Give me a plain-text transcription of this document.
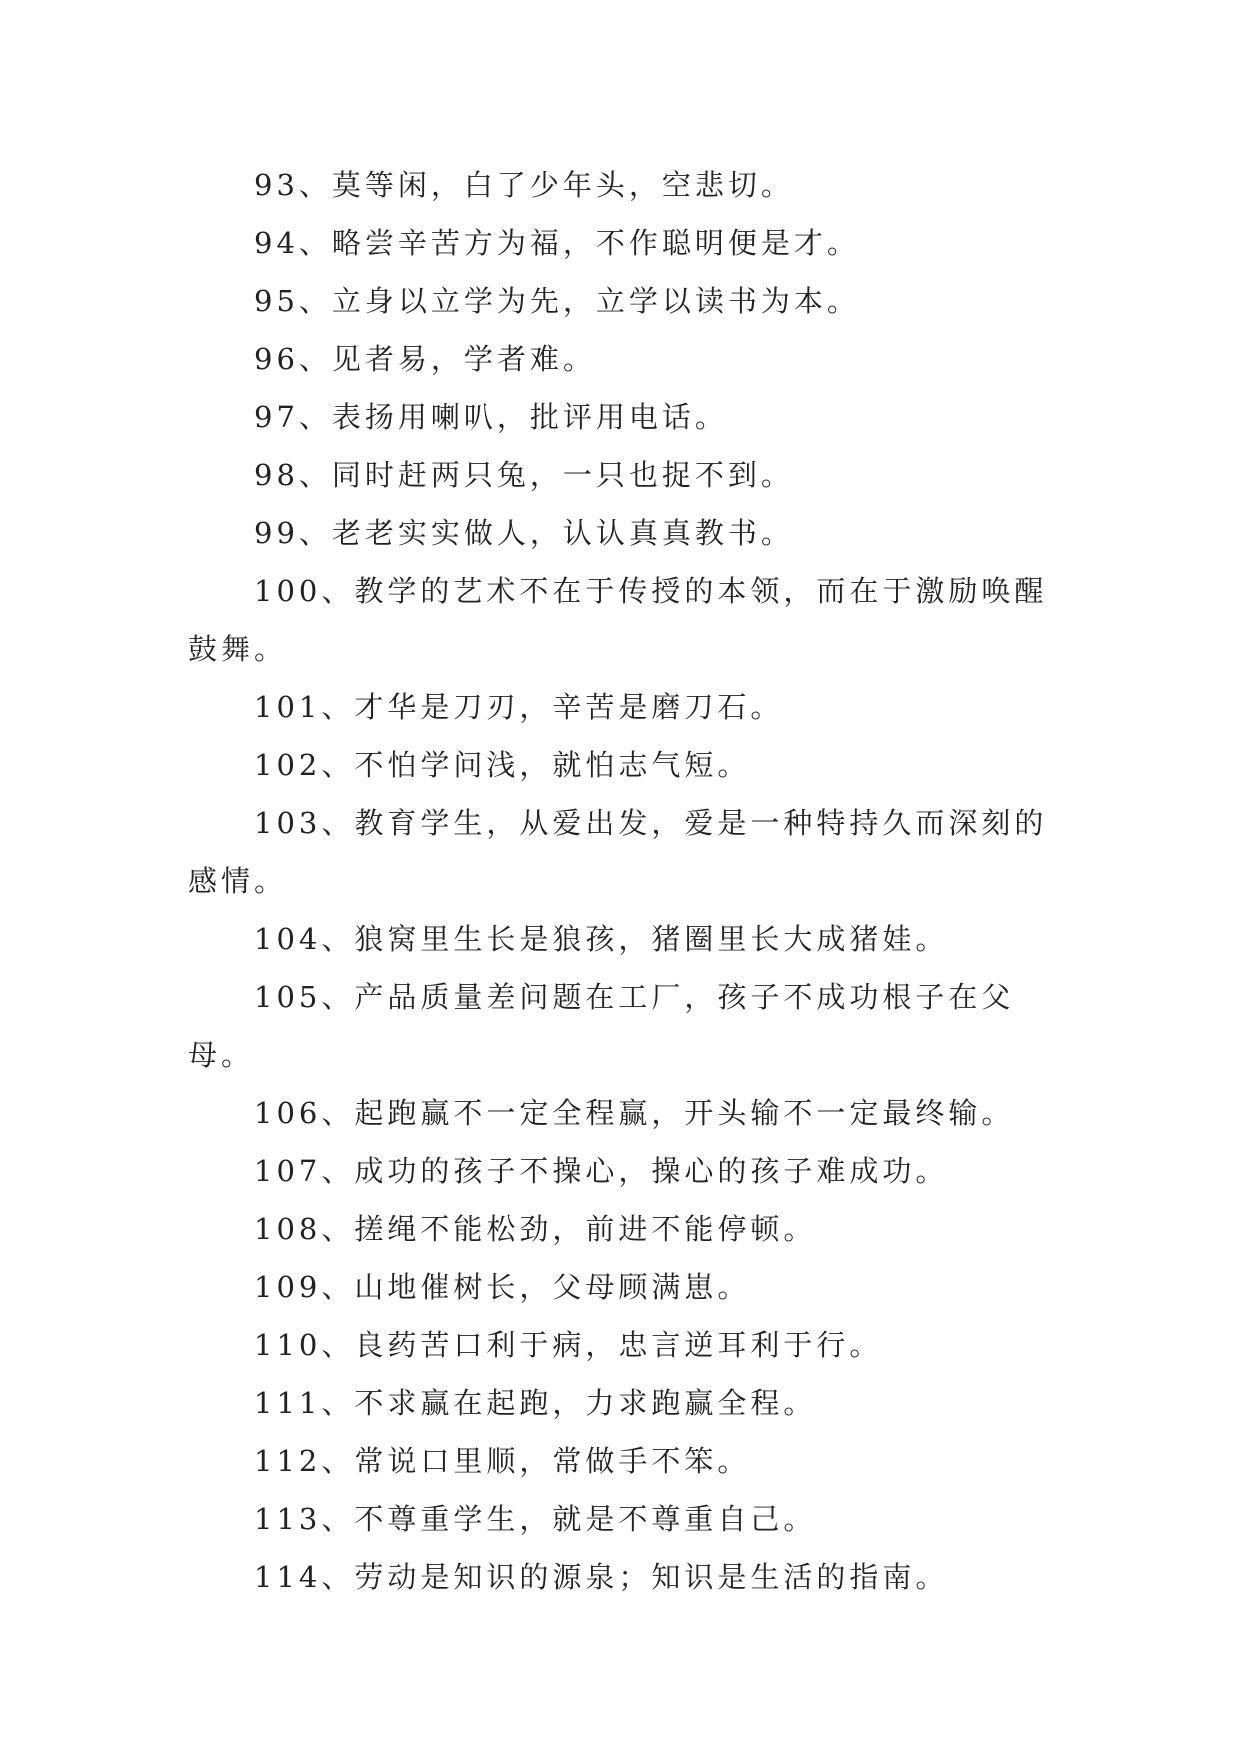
93、莫等闲，白了少年头，空悲切。

94、略尝辛苦方为福，不作聪明便是才。

95、立身以立学为先，立学以读书为本。

96、见者易，学者难。

97、表扬用喇叭，批评用电话。

98、同时赶两只兔，一只也捉不到。

99、老老实实做人，认认真真教书。

100、教学的艺术不在于传授的本领，而在于激励唤醒鼓舞。

101、才华是刀刃，辛苦是磨刀石。

102、不怕学问浅，就怕志气短。

103、教育学生，从爱出发，爱是一种特持久而深刻的感情。

104、狼窝里生长是狼孩，猪圈里长大成猪娃。

105、产品质量差问题在工厂，孩子不成功根子在父母。

106、起跑赢不一定全程赢，开头输不一定最终输。

107、成功的孩子不操心，操心的孩子难成功。

108、搓绳不能松劲，前进不能停顿。

109、山地催树长，父母顾满崽。

110、良药苦口利于病，忠言逆耳利于行。

111、不求赢在起跑，力求跑赢全程。

112、常说口里顺，常做手不笨。

113、不尊重学生，就是不尊重自己。

114、劳动是知识的源泉；知识是生活的指南。
